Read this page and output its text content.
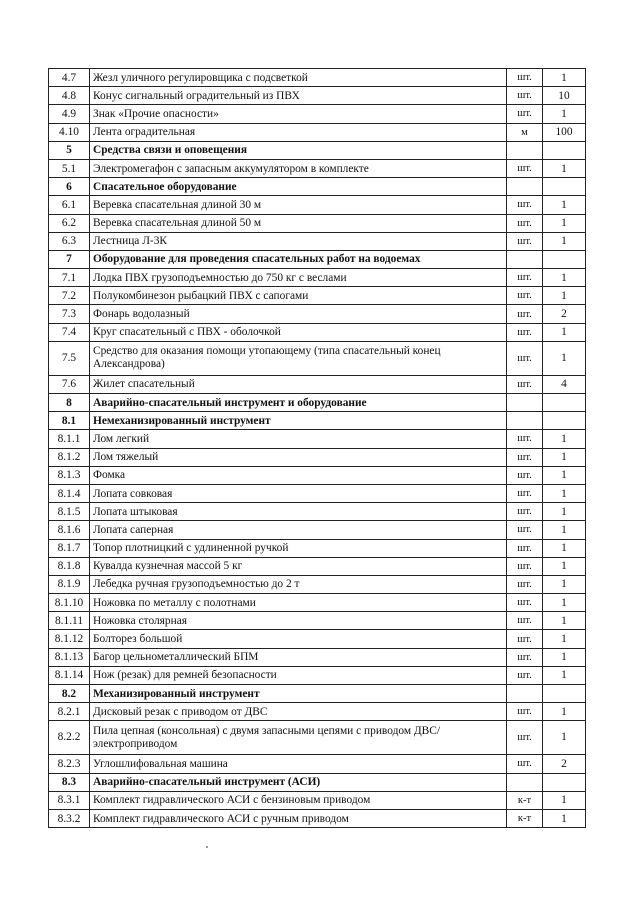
4.7	Жезл уличного регулировщика с подсветкой	шт.	1
4.8	Конус сигнальный оградительный из ПВХ	шт.	10
4.9	Знак «Прочие опасности»	шт.	1
4.10	Лента оградительная	м	100
5	Средства связи и оповещения		
5.1	Электромегафон с запасным аккумулятором в комплекте	шт.	1
6	Спасательное оборудование		
6.1	Веревка спасательная длиной 30 м	шт.	1
6.2	Веревка спасательная длиной 50 м	шт.	1
6.3	Лестница Л-3К	шт.	1
7	Оборудование для проведения спасательных работ на водоемах		
7.1	Лодка ПВХ грузоподъемностью до 750 кг с веслами	шт.	1
7.2	Полукомбинезон рыбацкий ПВХ с сапогами	шт.	1
7.3	Фонарь водолазный	шт.	2
7.4	Круг спасательный с ПВХ - оболочкой	шт.	1
7.5	Средство для оказания помощи утопающему (типа спасательный конец Александрова)	шт.	1
7.6	Жилет спасательный	шт.	4
8	Аварийно-спасательный инструмент и оборудование		
8.1	Немеханизированный инструмент		
8.1.1	Лом легкий	шт.	1
8.1.2	Лом тяжелый	шт.	1
8.1.3	Фомка	шт.	1
8.1.4	Лопата совковая	шт.	1
8.1.5	Лопата штыковая	шт.	1
8.1.6	Лопата саперная	шт.	1
8.1.7	Топор плотницкий с удлиненной ручкой	шт.	1
8.1.8	Кувалда кузнечная массой 5 кг	шт.	1
8.1.9	Лебедка ручная грузоподъемностью до 2 т	шт.	1
8.1.10	Ножовка по металлу с полотнами	шт.	1
8.1.11	Ножовка столярная	шт.	1
8.1.12	Болторез большой	шт.	1
8.1.13	Багор цельнометаллический БПМ	шт.	1
8.1.14	Нож (резак) для ремней безопасности	шт.	1
8.2	Механизированный инструмент		
8.2.1	Дисковый резак с приводом от ДВС	шт.	1
8.2.2	Пила цепная (консольная) с двумя запасными цепями с приводом ДВС/электроприводом	шт.	1
8.2.3	Углошлифовальная машина	шт.	2
8.3	Аварийно-спасательный инструмент (АСИ)		
8.3.1	Комплект гидравлического АСИ с бензиновым приводом	к-т	1
8.3.2	Комплект гидравлического АСИ с ручным приводом	к-т	1
